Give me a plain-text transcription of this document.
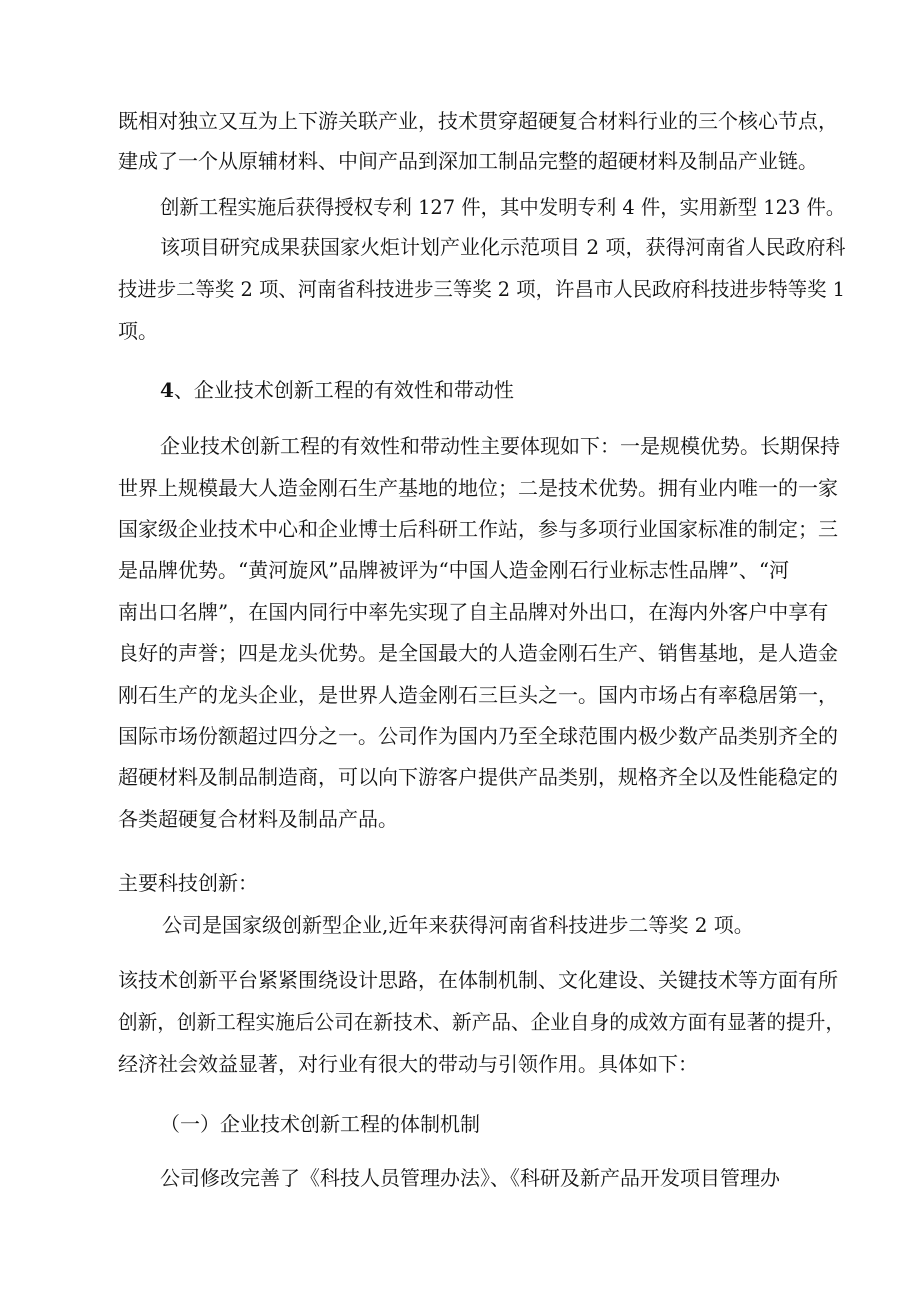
既相对独立又互为上下游关联产业，技术贯穿超硬复合材料行业的三个核心节点，
建成了一个从原辅材料、中间产品到深加工制品完整的超硬材料及制品产业链。
创新工程实施后获得授权专利 127 件，其中发明专利 4 件，实用新型 123 件。
该项目研究成果获国家火炬计划产业化示范项目 2 项，获得河南省人民政府科
技进步二等奖 2 项、河南省科技进步三等奖 2 项，许昌市人民政府科技进步特等奖 1
项。
4、企业技术创新工程的有效性和带动性
企业技术创新工程的有效性和带动性主要体现如下：一是规模优势。长期保持
世界上规模最大人造金刚石生产基地的地位；二是技术优势。拥有业内唯一的一家
国家级企业技术中心和企业博士后科研工作站，参与多项行业国家标准的制定；三
是品牌优势。“黄河旋风”品牌被评为“中国人造金刚石行业标志性品牌”、“河
南出口名牌”，在国内同行中率先实现了自主品牌对外出口，在海内外客户中享有
良好的声誉；四是龙头优势。是全国最大的人造金刚石生产、销售基地，是人造金
刚石生产的龙头企业，是世界人造金刚石三巨头之一。国内市场占有率稳居第一，
国际市场份额超过四分之一。公司作为国内乃至全球范围内极少数产品类别齐全的
超硬材料及制品制造商，可以向下游客户提供产品类别，规格齐全以及性能稳定的
各类超硬复合材料及制品产品。
主要科技创新：
公司是国家级创新型企业,近年来获得河南省科技进步二等奖 2 项。
该技术创新平台紧紧围绕设计思路，在体制机制、文化建设、关键技术等方面有所
创新，创新工程实施后公司在新技术、新产品、企业自身的成效方面有显著的提升，
经济社会效益显著，对行业有很大的带动与引领作用。具体如下：
（一）企业技术创新工程的体制机制
公司修改完善了《科技人员管理办法》、《科研及新产品开发项目管理办
